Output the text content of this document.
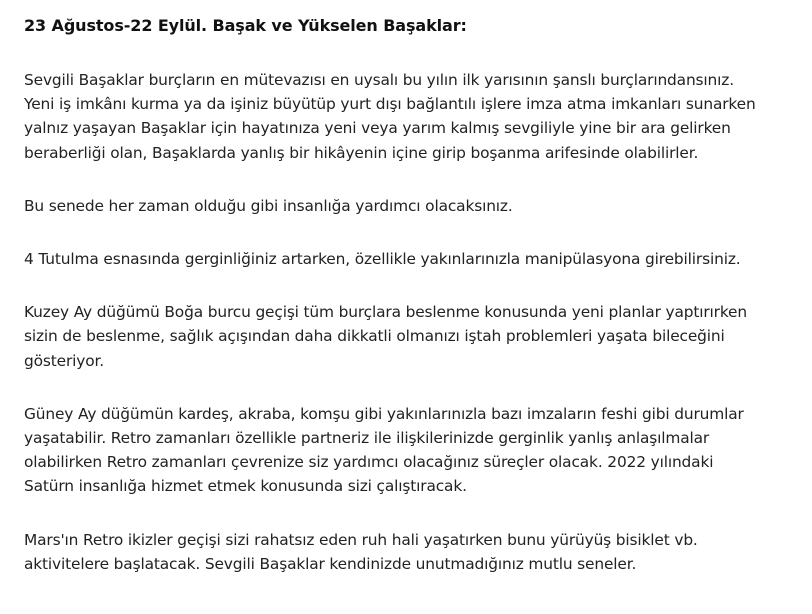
23 Ağustos-22 Eylül. Başak ve Yükselen Başaklar:

Sevgili Başaklar burçların en mütevazısı en uysalı bu yılın ilk yarısının şanslı burçlarındansınız.
Yeni iş imkânı kurma ya da işiniz büyütüp yurt dışı bağlantılı işlere imza atma imkanları sunarken
yalnız yaşayan Başaklar için hayatınıza yeni veya yarım kalmış sevgiliyle yine bir ara gelirken
beraberliği olan, Başaklarda yanlış bir hikâyenin içine girip boşanma arifesinde olabilirler.

Bu senede her zaman olduğu gibi insanlığa yardımcı olacaksınız.

4 Tutulma esnasında gerginliğiniz artarken, özellikle yakınlarınızla manipülasyona girebilirsiniz.

Kuzey Ay düğümü Boğa burcu geçişi tüm burçlara beslenme konusunda yeni planlar yaptırırken
sizin de beslenme, sağlık açışından daha dikkatli olmanızı iştah problemleri yaşata bileceğini
gösteriyor.

Güney Ay düğümün kardeş, akraba, komşu gibi yakınlarınızla bazı imzaların feshi gibi durumlar
yaşatabilir. Retro zamanları özellikle partneriz ile ilişkilerinizde gerginlik yanlış anlaşılmalar
olabilirken Retro zamanları çevrenize siz yardımcı olacağınız süreçler olacak. 2022 yılındaki
Satürn insanlığa hizmet etmek konusunda sizi çalıştıracak.

Mars'ın Retro ikizler geçişi sizi rahatsız eden ruh hali yaşatırken bunu yürüyüş bisiklet vb.
aktivitelere başlatacak. Sevgili Başaklar kendinizde unutmadığınız mutlu seneler.
